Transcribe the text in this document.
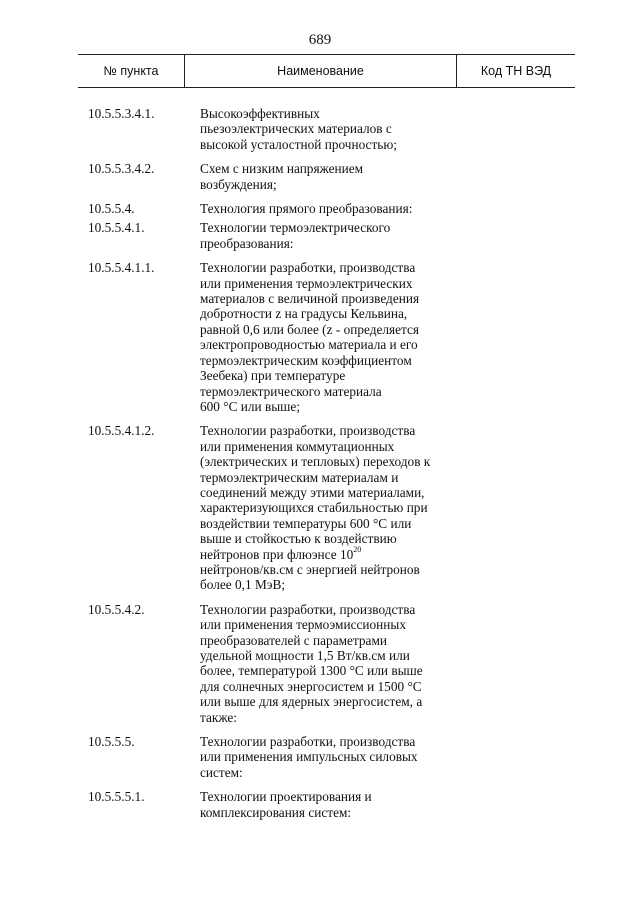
689
№ пункта	Наименование	Код ТН ВЭД
10.5.5.3.4.1.	Высокоэффективных
пьезоэлектрических материалов с
высокой усталостной прочностью;
10.5.5.3.4.2.	Схем с низким напряжением
возбуждения;
10.5.5.4.	Технология прямого преобразования:
10.5.5.4.1.	Технологии термоэлектрического
преобразования:
10.5.5.4.1.1.	Технологии разработки, производства
или применения термоэлектрических
материалов с величиной произведения
добротности z на градусы Кельвина,
равной 0,6 или более (z - определяется
электропроводностью материала и его
термоэлектрическим коэффициентом
Зеебека) при температуре
термоэлектрического материала
600 °С или выше;
10.5.5.4.1.2.	Технологии разработки, производства
или применения коммутационных
(электрических и тепловых) переходов к
термоэлектрическим материалам и
соединений между этими материалами,
характеризующихся стабильностью при
воздействии температуры 600 °С или
выше и стойкостью к воздействию
нейтронов при флюэнсе $10^{20}$
нейтронов/кв.см с энергией нейтронов
более 0,1 МэВ;
10.5.5.4.2.	Технологии разработки, производства
или применения термоэмиссионных
преобразователей с параметрами
удельной мощности 1,5 Вт/кв.см или
более, температурой 1300 °С или выше
для солнечных энергосистем и 1500 °С
или выше для ядерных энергосистем, а
также:
10.5.5.5.	Технологии разработки, производства
или применения импульсных силовых
систем:
10.5.5.5.1.	Технологии проектирования и
комплексирования систем:
